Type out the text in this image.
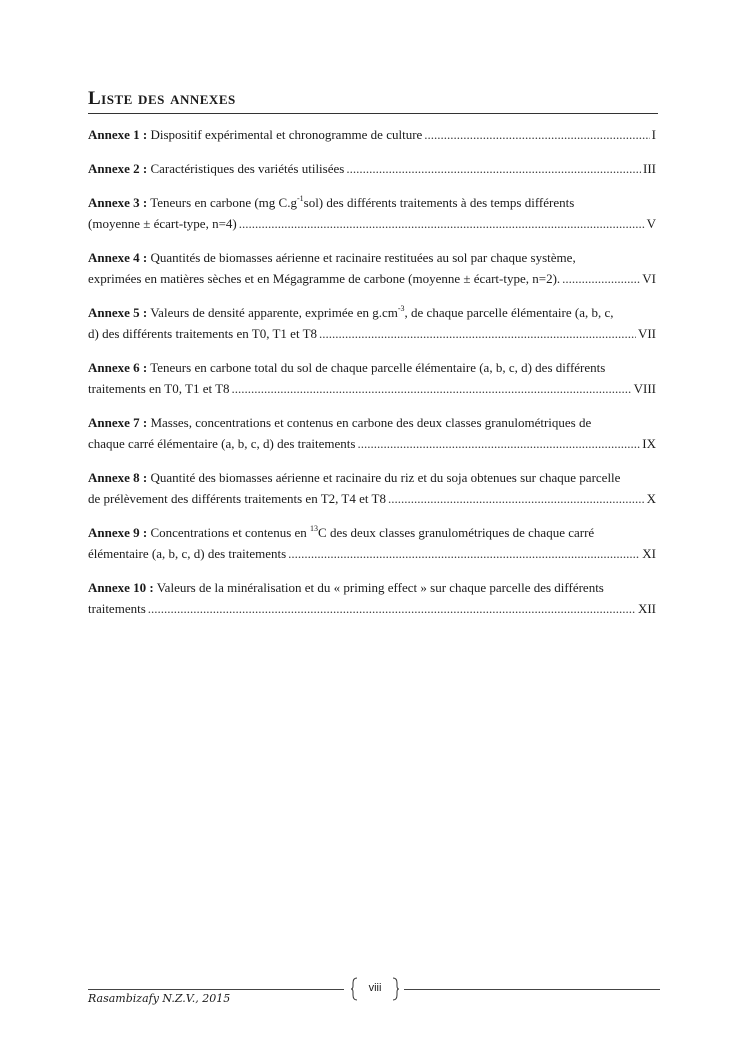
Liste des annexes
Annexe 1 : Dispositif expérimental et chronogramme de culture .....	I
Annexe 2 : Caractéristiques des variétés utilisées .....	III
Annexe 3 : Teneurs en carbone (mg $C.g^{-1}sol$) des différents traitements à des temps différents
(moyenne ± écart-type, n=4) .....	V
Annexe 4 : Quantités de biomasses aérienne et racinaire restituées au sol par chaque système,
exprimées en matières sèches et en Mégagramme de carbone (moyenne ± écart-type, n=2). .....	VI
Annexe 5 : Valeurs de densité apparente, exprimée en $g.cm^{-3}$, de chaque parcelle élémentaire (a, b, c,
d) des différents traitements en T0, T1 et T8 .....	VII
Annexe 6 : Teneurs en carbone total du sol de chaque parcelle élémentaire (a, b, c, d) des différents
traitements en T0, T1 et T8 .....	VIII
Annexe 7 : Masses, concentrations et contenus en carbone des deux classes granulométriques de
chaque carré élémentaire (a, b, c, d) des traitements .....	IX
Annexe 8 : Quantité des biomasses aérienne et racinaire du riz et du soja obtenues sur chaque parcelle
de prélèvement des différents traitements en T2, T4 et T8 .....	X
Annexe 9 : Concentrations et contenus en $^{13}$C des deux classes granulométriques de chaque carré
élémentaire (a, b, c, d) des traitements .....	XI
Annexe 10 : Valeurs de la minéralisation et du « priming effect » sur chaque parcelle des différents
traitements .....	XII
viii
Rasambizafy N.Z.V., 2015
